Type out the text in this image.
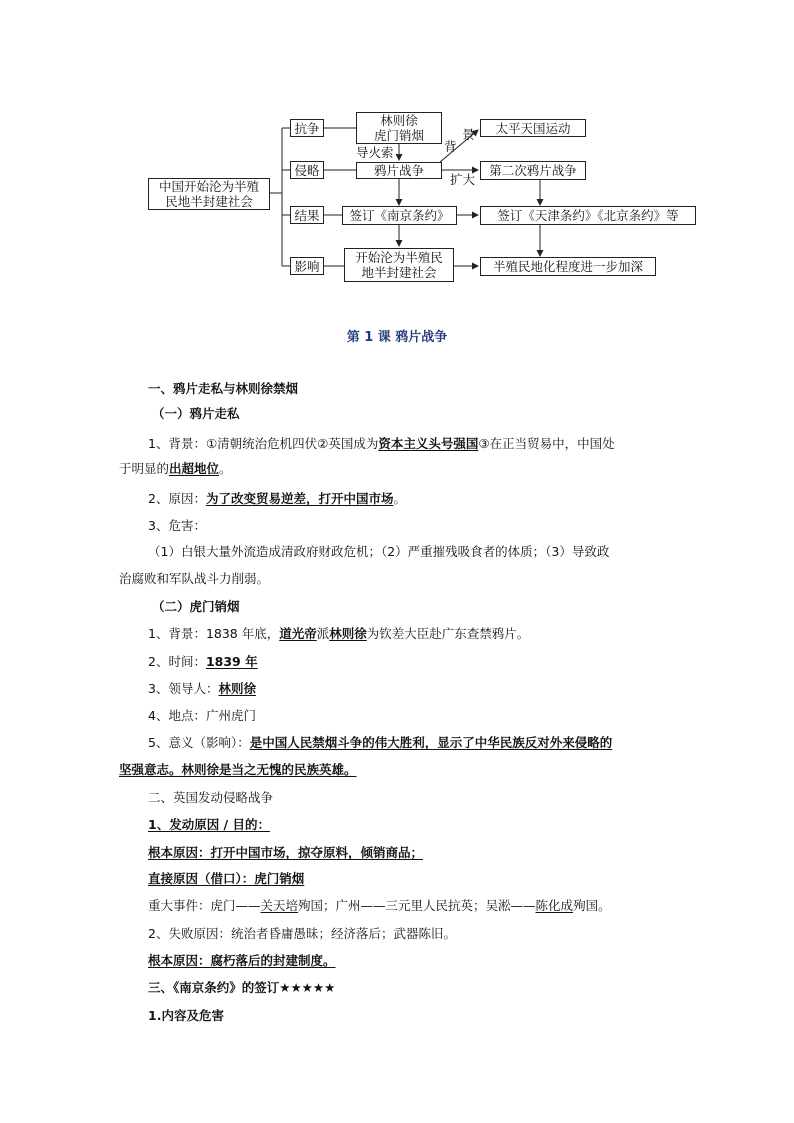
中国开始沦为半殖
民地半封建社会
抗争
侵略
结果
影响
林则徐
虎门销烟
导火索
鸦片战争
背
景
扩大
太平天国运动
第二次鸦片战争
签订《南京条约》	签订《天津条约》《北京条约》等
开始沦为半殖民
地半封建社会	半殖民地化程度进一步加深
第 1 课 鸦片战争
一、鸦片走私与林则徐禁烟
（一）鸦片走私
1、背景：①清朝统治危机四伏②英国成为资本主义头号强国③在正当贸易中，中国处
于明显的出超地位。
2、原因：为了改变贸易逆差，打开中国市场。
3、危害：
（1）白银大量外流造成清政府财政危机；（2）严重摧残吸食者的体质；（3）导致政
治腐败和军队战斗力削弱。
（二）虎门销烟
1、背景：1838 年底，道光帝派林则徐为钦差大臣赴广东查禁鸦片。
2、时间：1839 年
3、领导人：林则徐
4、地点：广州虎门
5、意义（影响）：是中国人民禁烟斗争的伟大胜利，显示了中华民族反对外来侵略的
坚强意志。林则徐是当之无愧的民族英雄。
二、英国发动侵略战争
1、发动原因 / 目的：
根本原因：打开中国市场，掠夺原料，倾销商品；
直接原因（借口）：虎门销烟
重大事件：虎门——关天培殉国；广州——三元里人民抗英；吴淞——陈化成殉国。
2、失败原因：统治者昏庸愚昧；经济落后；武器陈旧。
根本原因：腐朽落后的封建制度。
三、《南京条约》的签订★★★★★
1.内容及危害
